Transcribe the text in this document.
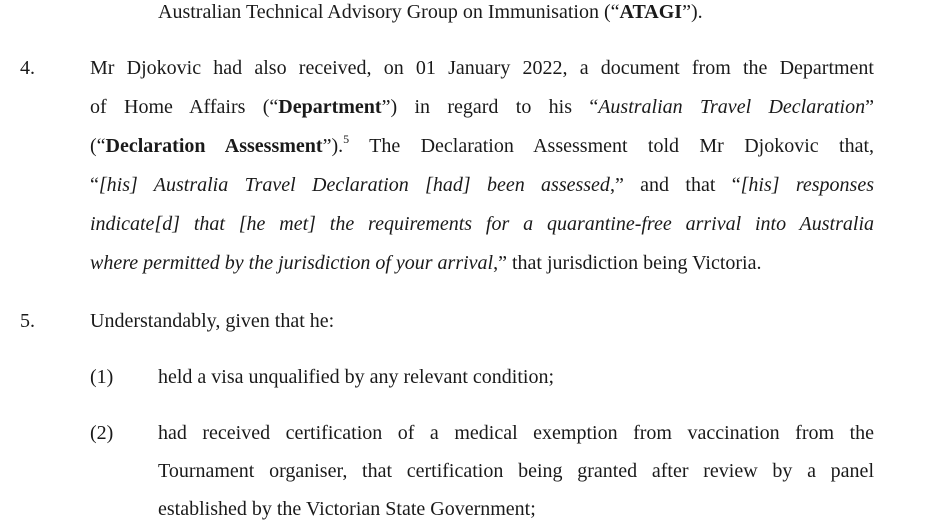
Australian Technical Advisory Group on Immunisation (“ATAGI”).
4.	Mr Djokovic had also received, on 01 January 2022, a document from the Department
of Home Affairs (“Department”) in regard to his “Australian Travel Declaration”
(“Declaration Assessment”).$^5$ The Declaration Assessment told Mr Djokovic that,
“[his] Australia Travel Declaration [had] been assessed,” and that “[his] responses
indicate[d] that [he met] the requirements for a quarantine-free arrival into Australia
where permitted by the jurisdiction of your arrival,” that jurisdiction being Victoria.
5.	Understandably, given that he:
(1) held a visa unqualified by any relevant condition;
(2) had received certification of a medical exemption from vaccination from the
Tournament organiser, that certification being granted after review by a panel
established by the Victorian State Government;
